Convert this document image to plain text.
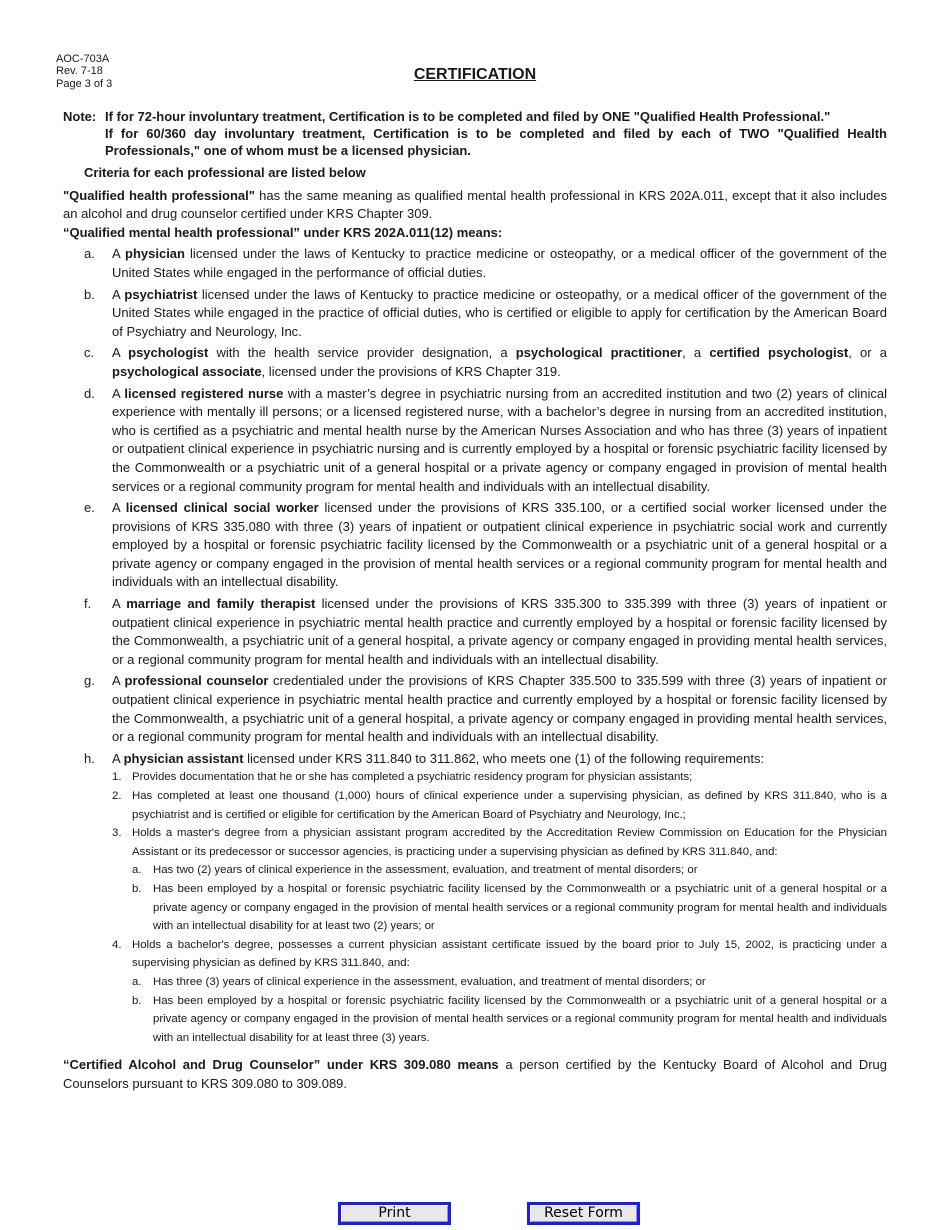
AOC-703A
Rev. 7-18
Page 3 of 3
CERTIFICATION
Note: If for 72-hour involuntary treatment, Certification is to be completed and filed by ONE "Qualified Health Professional."

If for 60/360 day involuntary treatment, Certification is to be completed and filed by each of TWO "Qualified Health Professionals," one of whom must be a licensed physician.

Criteria for each professional are listed below

"Qualified health professional" has the same meaning as qualified mental health professional in KRS 202A.011, except that it also includes an alcohol and drug counselor certified under KRS Chapter 309.

“Qualified mental health professional” under KRS 202A.011(12) means:

a.	A physician licensed under the laws of Kentucky to practice medicine or osteopathy, or a medical officer of the government of the United States while engaged in the performance of official duties.

b.	A psychiatrist licensed under the laws of Kentucky to practice medicine or osteopathy, or a medical officer of the government of the United States while engaged in the practice of official duties, who is certified or eligible to apply for certification by the American Board of Psychiatry and Neurology, Inc.

c.	A psychologist with the health service provider designation, a psychological practitioner, a certified psychologist, or a psychological associate, licensed under the provisions of KRS Chapter 319.

d.	A licensed registered nurse with a master’s degree in psychiatric nursing from an accredited institution and two (2) years of clinical experience with mentally ill persons; or a licensed registered nurse, with a bachelor’s degree in nursing from an accredited institution, who is certified as a psychiatric and mental health nurse by the American Nurses Association and who has three (3) years of inpatient or outpatient clinical experience in psychiatric nursing and is currently employed by a hospital or forensic psychiatric facility licensed by the Commonwealth or a psychiatric unit of a general hospital or a private agency or company engaged in provision of mental health services or a regional community program for mental health and individuals with an intellectual disability.

e.	A licensed clinical social worker licensed under the provisions of KRS 335.100, or a certified social worker licensed under the provisions of KRS 335.080 with three (3) years of inpatient or outpatient clinical experience in psychiatric social work and currently employed by a hospital or forensic psychiatric facility licensed by the Commonwealth or a psychiatric unit of a general hospital or a private agency or company engaged in the provision of mental health services or a regional community program for mental health and individuals with an intellectual disability.

f.	A marriage and family therapist licensed under the provisions of KRS 335.300 to 335.399 with three (3) years of inpatient or outpatient clinical experience in psychiatric mental health practice and currently employed by a hospital or forensic facility licensed by the Commonwealth, a psychiatric unit of a general hospital, a private agency or company engaged in providing mental health services, or a regional community program for mental health and individuals with an intellectual disability.

g.	A professional counselor credentialed under the provisions of KRS Chapter 335.500 to 335.599 with three (3) years of inpatient or outpatient clinical experience in psychiatric mental health practice and currently employed by a hospital or forensic facility licensed by the Commonwealth, a psychiatric unit of a general hospital, a private agency or company engaged in providing mental health services, or a regional community program for mental health and individuals with an intellectual disability.

h.	A physician assistant licensed under KRS 311.840 to 311.862, who meets one (1) of the following requirements:

1. Provides documentation that he or she has completed a psychiatric residency program for physician assistants;

2. Has completed at least one thousand (1,000) hours of clinical experience under a supervising physician, as defined by KRS 311.840, who is a psychiatrist and is certified or eligible for certification by the American Board of Psychiatry and Neurology, Inc.;

3. Holds a master's degree from a physician assistant program accredited by the Accreditation Review Commission on Education for the Physician Assistant or its predecessor or successor agencies, is practicing under a supervising physician as defined by KRS 311.840, and:

a.	Has two (2) years of clinical experience in the assessment, evaluation, and treatment of mental disorders; or
b.	Has been employed by a hospital or forensic psychiatric facility licensed by the Commonwealth or a psychiatric unit of a general hospital or a private agency or company engaged in the provision of mental health services or a regional community program for mental health and individuals with an intellectual disability for at least two (2) years; or
4. Holds a bachelor's degree, possesses a current physician assistant certificate issued by the board prior to July 15, 2002, is practicing under a supervising physician as defined by KRS 311.840, and:

a.	Has three (3) years of clinical experience in the assessment, evaluation, and treatment of mental disorders; or
b.	Has been employed by a hospital or forensic psychiatric facility licensed by the Commonwealth or a psychiatric unit of a general hospital or a private agency or company engaged in the provision of mental health services or a regional community program for mental health and individuals with an intellectual disability for at least three (3) years.

“Certified Alcohol and Drug Counselor” under KRS 309.080 means a person certified by the Kentucky Board of Alcohol and Drug Counselors pursuant to KRS 309.080 to 309.089.

Print	Reset Form
